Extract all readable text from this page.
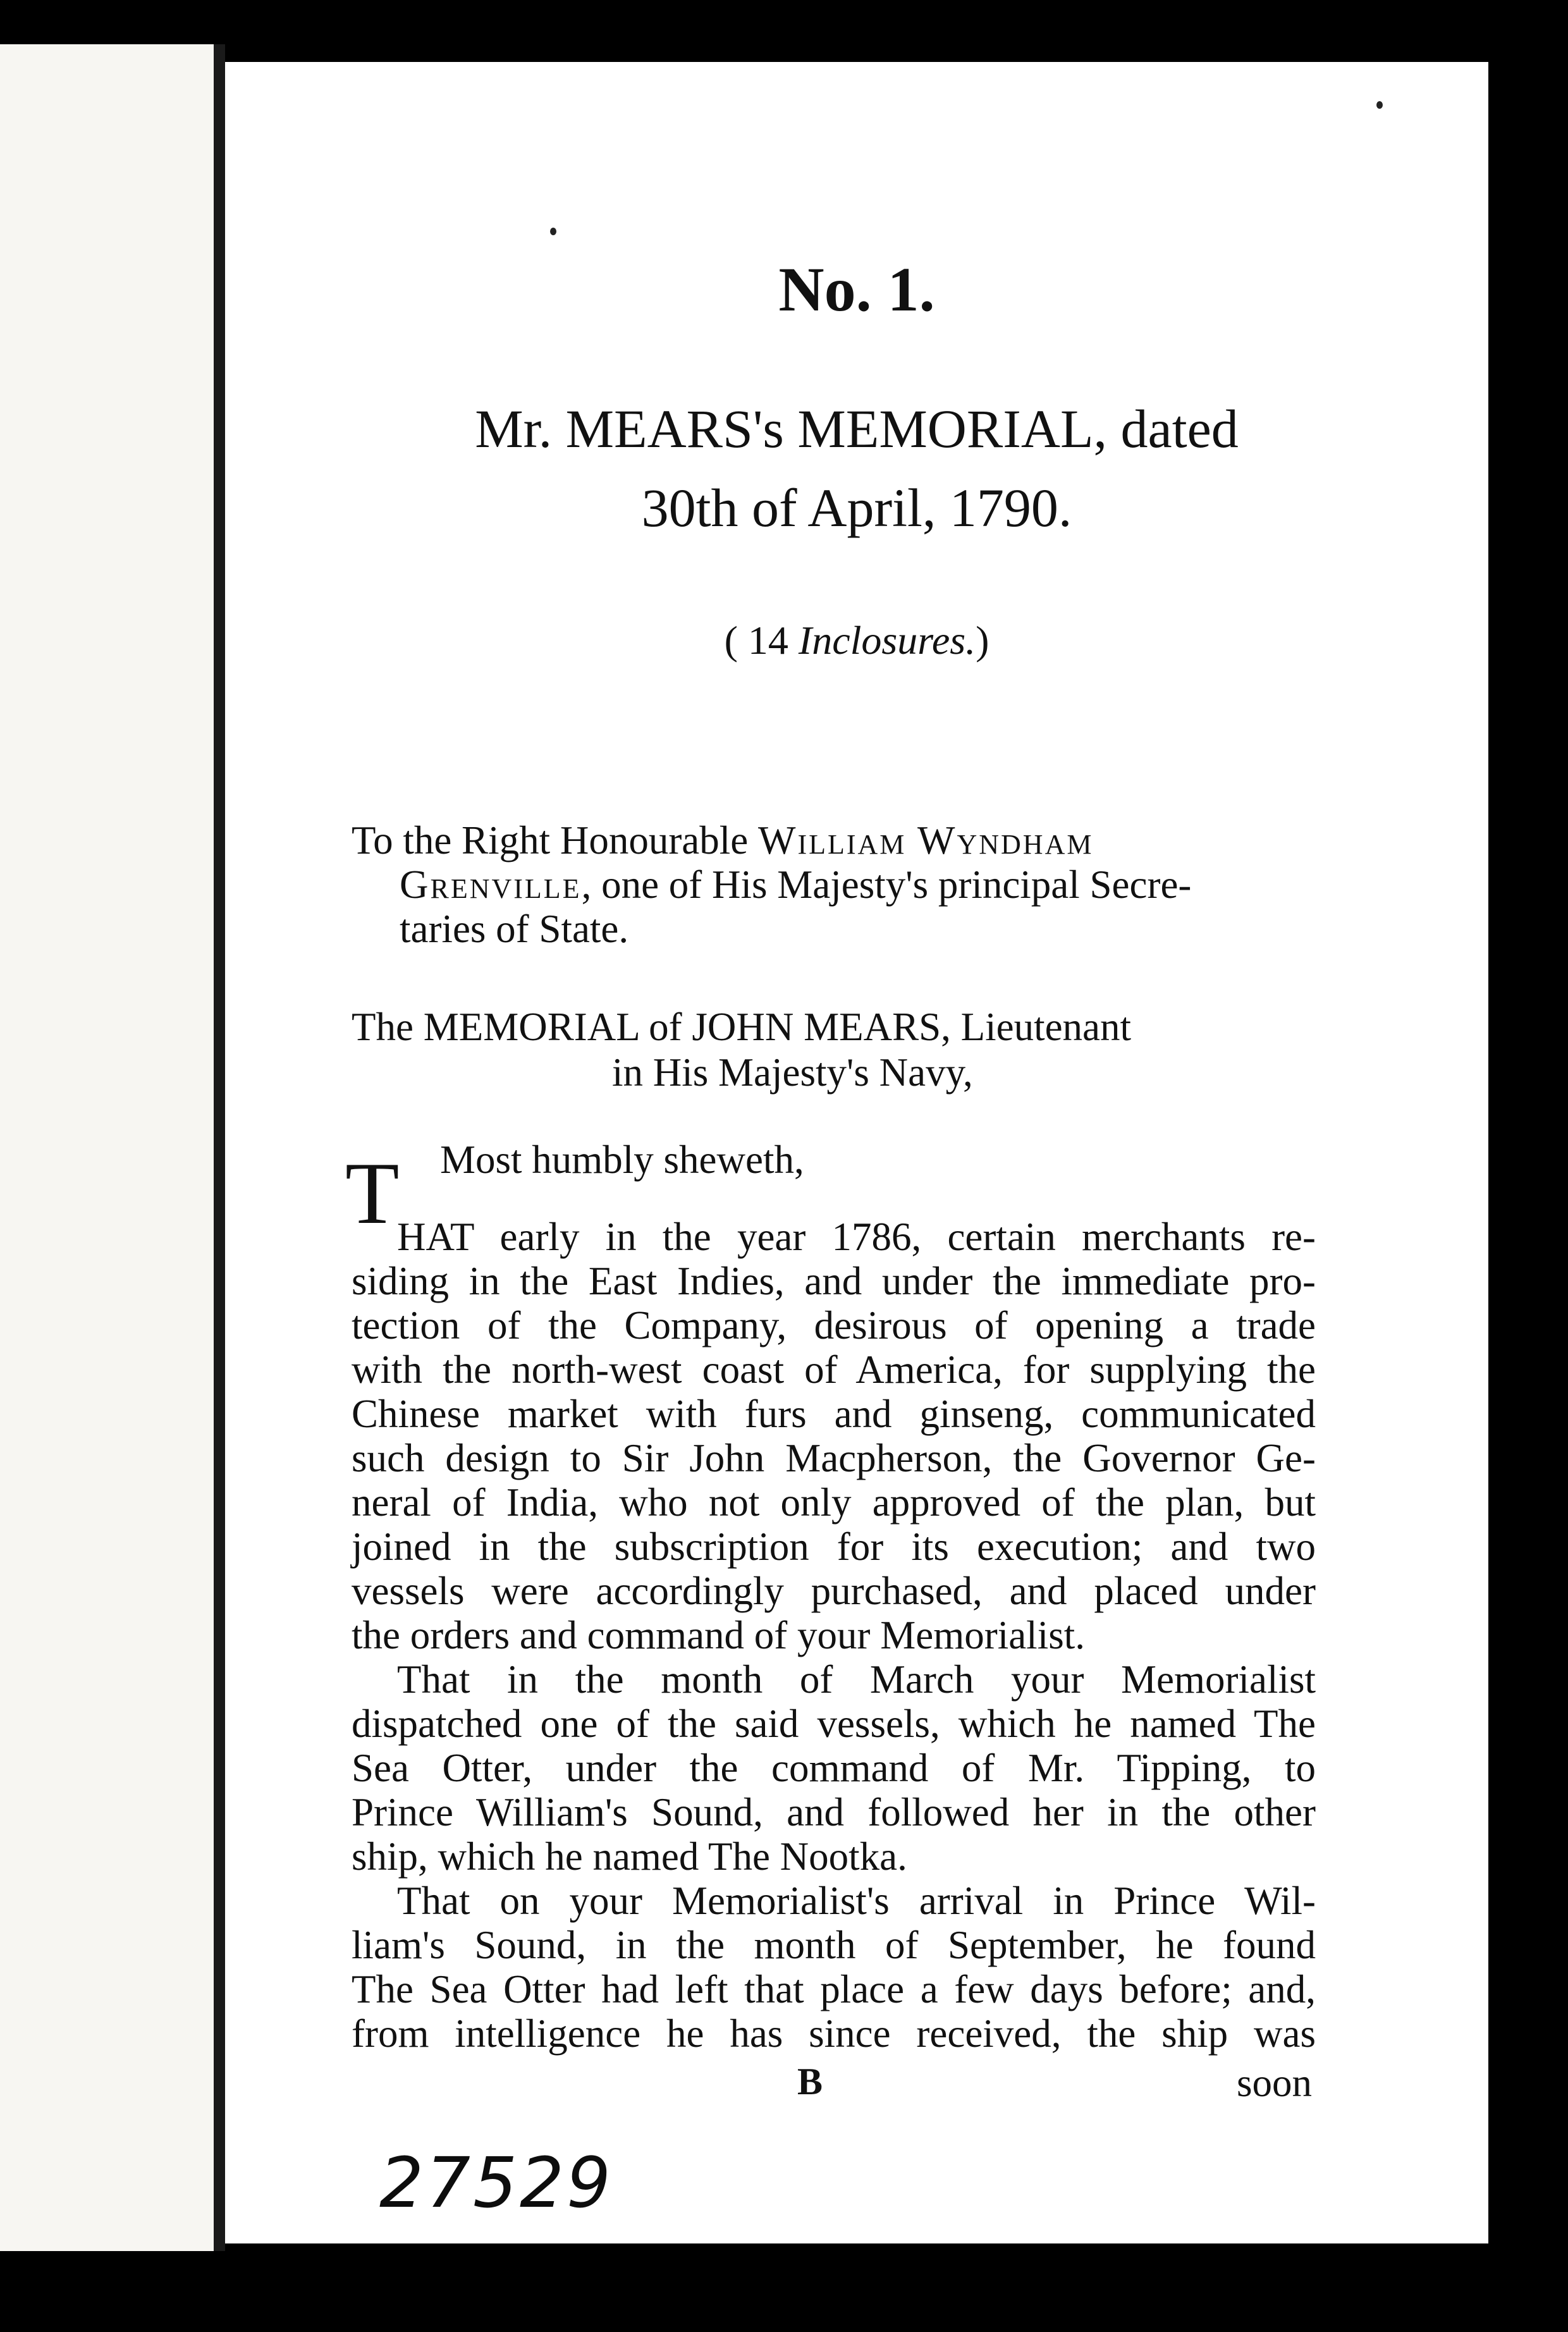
No. 1.
Mr. MEARS's MEMORIAL, dated
30th of April, 1790.
( 14 Inclosures.)
To the Right Honourable William Wyndham
Grenville, one of His Majesty's principal Secre-
taries of State.
The MEMORIAL of JOHN MEARS, Lieutenant
in His Majesty's Navy,
Most humbly sheweth,
T
HAT early in the year 1786, certain merchants re-
siding in the East Indies, and under the immediate pro-
tection of the Company, desirous of opening a trade
with the north-west coast of America, for supplying the
Chinese market with furs and ginseng, communicated
such design to Sir John Macpherson, the Governor Ge-
neral of India, who not only approved of the plan, but
joined in the subscription for its execution; and two
vessels were accordingly purchased, and placed under
the orders and command of your Memorialist.
That in the month of March your Memorialist
dispatched one of the said vessels, which he named The
Sea Otter, under the command of Mr. Tipping, to
Prince William's Sound, and followed her in the other
ship, which he named The Nootka.
That on your Memorialist's arrival in Prince Wil-
liam's Sound, in the month of September, he found
The Sea Otter had left that place a few days before; and,
from intelligence he has since received, the ship was
B	soon
27529
